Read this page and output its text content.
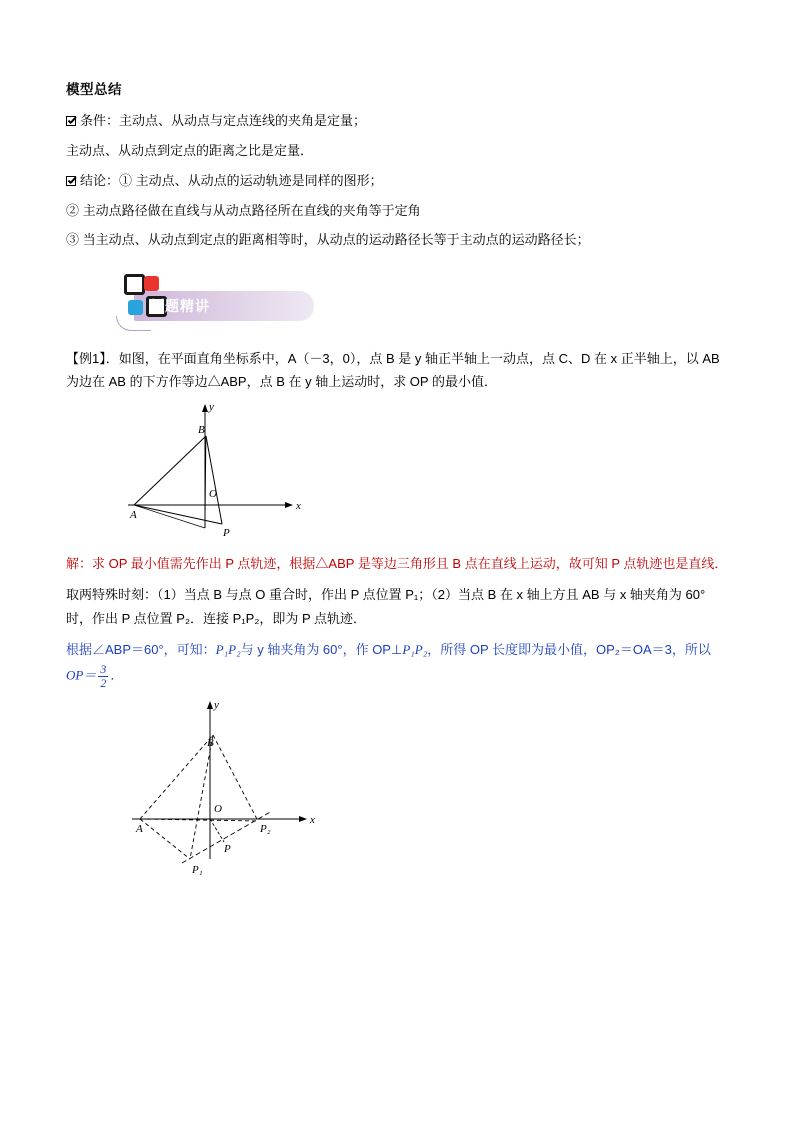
模型总结
条件：主动点、从动点与定点连线的夹角是定量；
主动点、从动点到定点的距离之比是定量．
结论：① 主动点、从动点的运动轨迹是同样的图形；
② 主动点路径做在直线与从动点路径所在直线的夹角等于定角
③ 当主动点、从动点到定点的距离相等时，从动点的运动路径长等于主动点的运动路径长；
例题精讲
【例1】．如图，在平面直角坐标系中，A（－3，0），点 B 是 y 轴正半轴上一动点，点 C、D 在 x 正半轴上，以 AB 为边在 AB 的下方作等边△ABP，点 B 在 y 轴上运动时，求 OP 的最小值．
B
A
P
O
x
y
解：求 OP 最小值需先作出 P 点轨迹，根据△ABP 是等边三角形且 B 点在直线上运动，故可知 P 点轨迹也是直线．
取两特殊时刻：（1）当点 B 与点 O 重合时，作出 P 点位置 P₁；（2）当点 B 在 x 轴上方且 AB 与 x 轴夹角为 60°时，作出 P 点位置 P₂．连接 P₁P₂，即为 P 点轨迹．
根据∠ABP＝60°，可知：P₁P₂与 y 轴夹角为 60°，作 OP⊥P₁P₂，所得 OP 长度即为最小值，OP₂＝OA＝3，所以$OP= \frac{3}{2}$ ．
B
A	P₂
P₁
P
O
x
y
